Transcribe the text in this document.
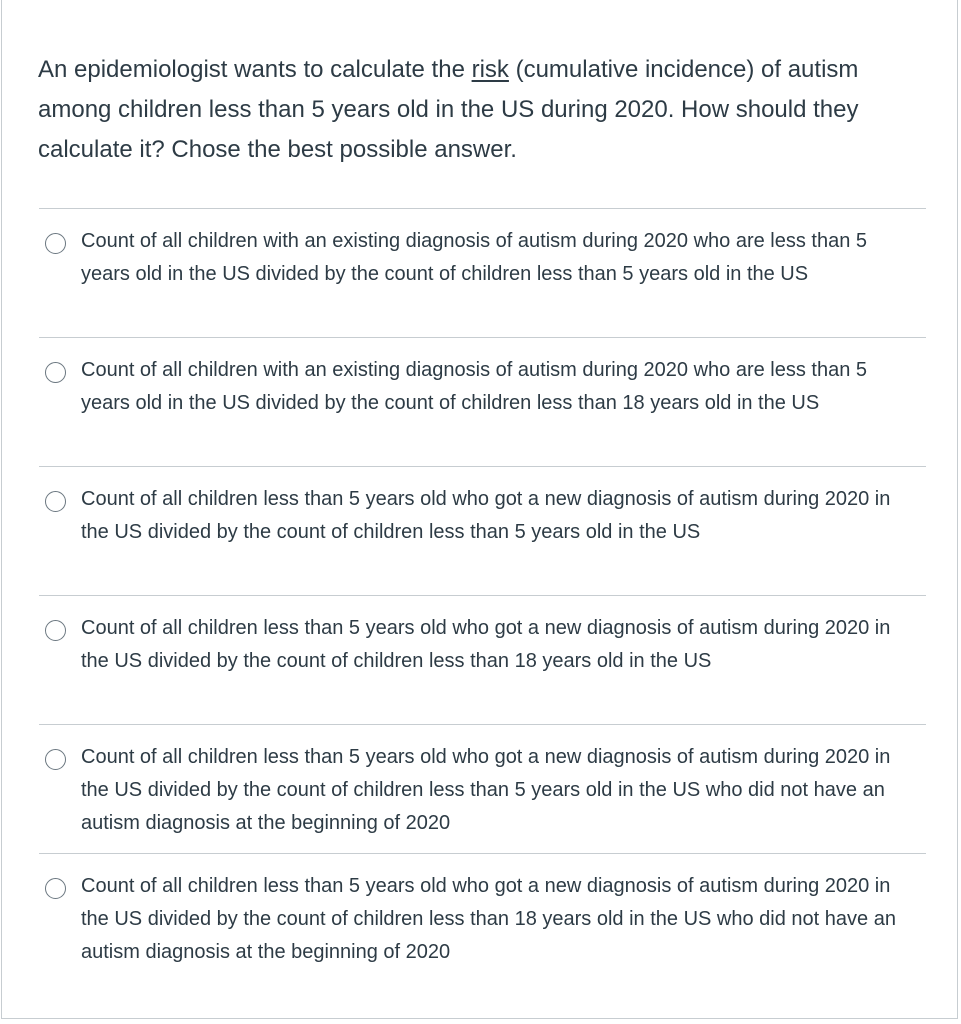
An epidemiologist wants to calculate the risk (cumulative incidence) of autism among children less than 5 years old in the US during 2020. How should they calculate it? Chose the best possible answer.

Count of all children with an existing diagnosis of autism during 2020 who are less than 5 years old in the US divided by the count of children less than 5 years old in the US
Count of all children with an existing diagnosis of autism during 2020 who are less than 5 years old in the US divided by the count of children less than 18 years old in the US
Count of all children less than 5 years old who got a new diagnosis of autism during 2020 in the US divided by the count of children less than 5 years old in the US
Count of all children less than 5 years old who got a new diagnosis of autism during 2020 in the US divided by the count of children less than 18 years old in the US
Count of all children less than 5 years old who got a new diagnosis of autism during 2020 in the US divided by the count of children less than 5 years old in the US who did not have an autism diagnosis at the beginning of 2020
Count of all children less than 5 years old who got a new diagnosis of autism during 2020 in the US divided by the count of children less than 18 years old in the US who did not have an autism diagnosis at the beginning of 2020
